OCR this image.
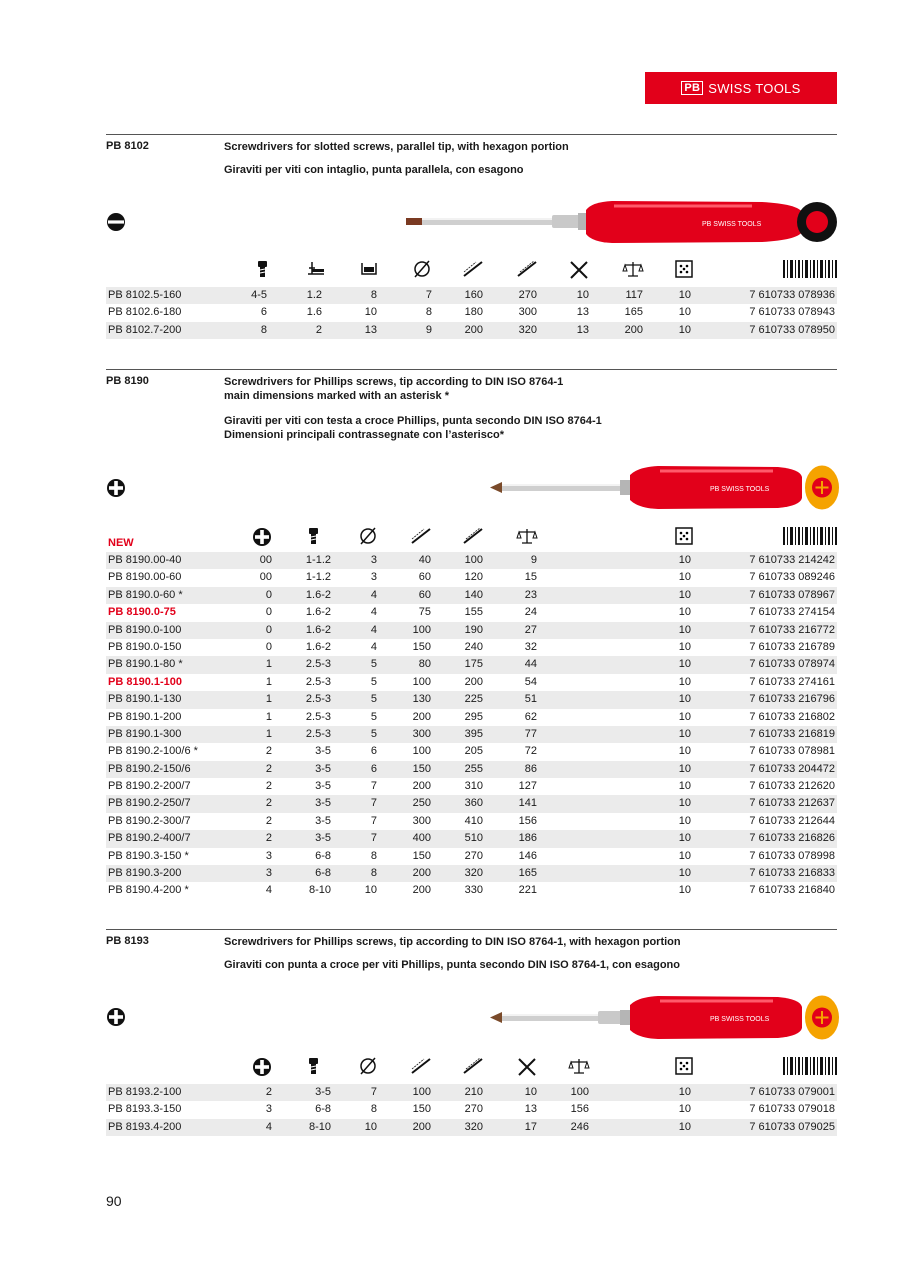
PB SWISS TOOLS
PB 8102	Screwdrivers for slotted screws, parallel tip, with hexagon portion
Giraviti per viti con intaglio, punta parallela, con esagono
PB SWISS TOOLS
PB 8102.5-160	4-5	1.2	8	7	160	270	10	117	10	7 610733 078936
PB 8102.6-180	6	1.6	10	8	180	300	13	165	10	7 610733 078943
PB 8102.7-200	8	2	13	9	200	320	13	200	10	7 610733 078950
PB 8190	Screwdrivers for Phillips screws, tip according to DIN ISO 8764-1
main dimensions marked with an asterisk *
Giraviti per viti con testa a croce Phillips, punta secondo DIN ISO 8764-1
Dimensioni principali contrassegnate con l’asterisco*
PB SWISS TOOLS
NEW
PB 8190.00-40	00	1-1.2	3	40	100	9	10	7 610733 214242
PB 8190.00-60	00	1-1.2	3	60	120	15	10	7 610733 089246
PB 8190.0-60 *	0	1.6-2	4	60	140	23	10	7 610733 078967
PB 8190.0-75	0	1.6-2	4	75	155	24	10	7 610733 274154
PB 8190.0-100	0	1.6-2	4	100	190	27	10	7 610733 216772
PB 8190.0-150	0	1.6-2	4	150	240	32	10	7 610733 216789
PB 8190.1-80 *	1	2.5-3	5	80	175	44	10	7 610733 078974
PB 8190.1-100	1	2.5-3	5	100	200	54	10	7 610733 274161
PB 8190.1-130	1	2.5-3	5	130	225	51	10	7 610733 216796
PB 8190.1-200	1	2.5-3	5	200	295	62	10	7 610733 216802
PB 8190.1-300	1	2.5-3	5	300	395	77	10	7 610733 216819
PB 8190.2-100/6 *	2	3-5	6	100	205	72	10	7 610733 078981
PB 8190.2-150/6	2	3-5	6	150	255	86	10	7 610733 204472
PB 8190.2-200/7	2	3-5	7	200	310	127	10	7 610733 212620
PB 8190.2-250/7	2	3-5	7	250	360	141	10	7 610733 212637
PB 8190.2-300/7	2	3-5	7	300	410	156	10	7 610733 212644
PB 8190.2-400/7	2	3-5	7	400	510	186	10	7 610733 216826
PB 8190.3-150 *	3	6-8	8	150	270	146	10	7 610733 078998
PB 8190.3-200	3	6-8	8	200	320	165	10	7 610733 216833
PB 8190.4-200 *	4	8-10	10	200	330	221	10	7 610733 216840
PB 8193	Screwdrivers for Phillips screws, tip according to DIN ISO 8764-1, with hexagon portion
Giraviti con punta a croce per viti Phillips, punta secondo DIN ISO 8764-1, con esagono
PB SWISS TOOLS
PB 8193.2-100	2	3-5	7	100	210	10	100	10	7 610733 079001
PB 8193.3-150	3	6-8	8	150	270	13	156	10	7 610733 079018
PB 8193.4-200	4	8-10	10	200	320	17	246	10	7 610733 079025
90
